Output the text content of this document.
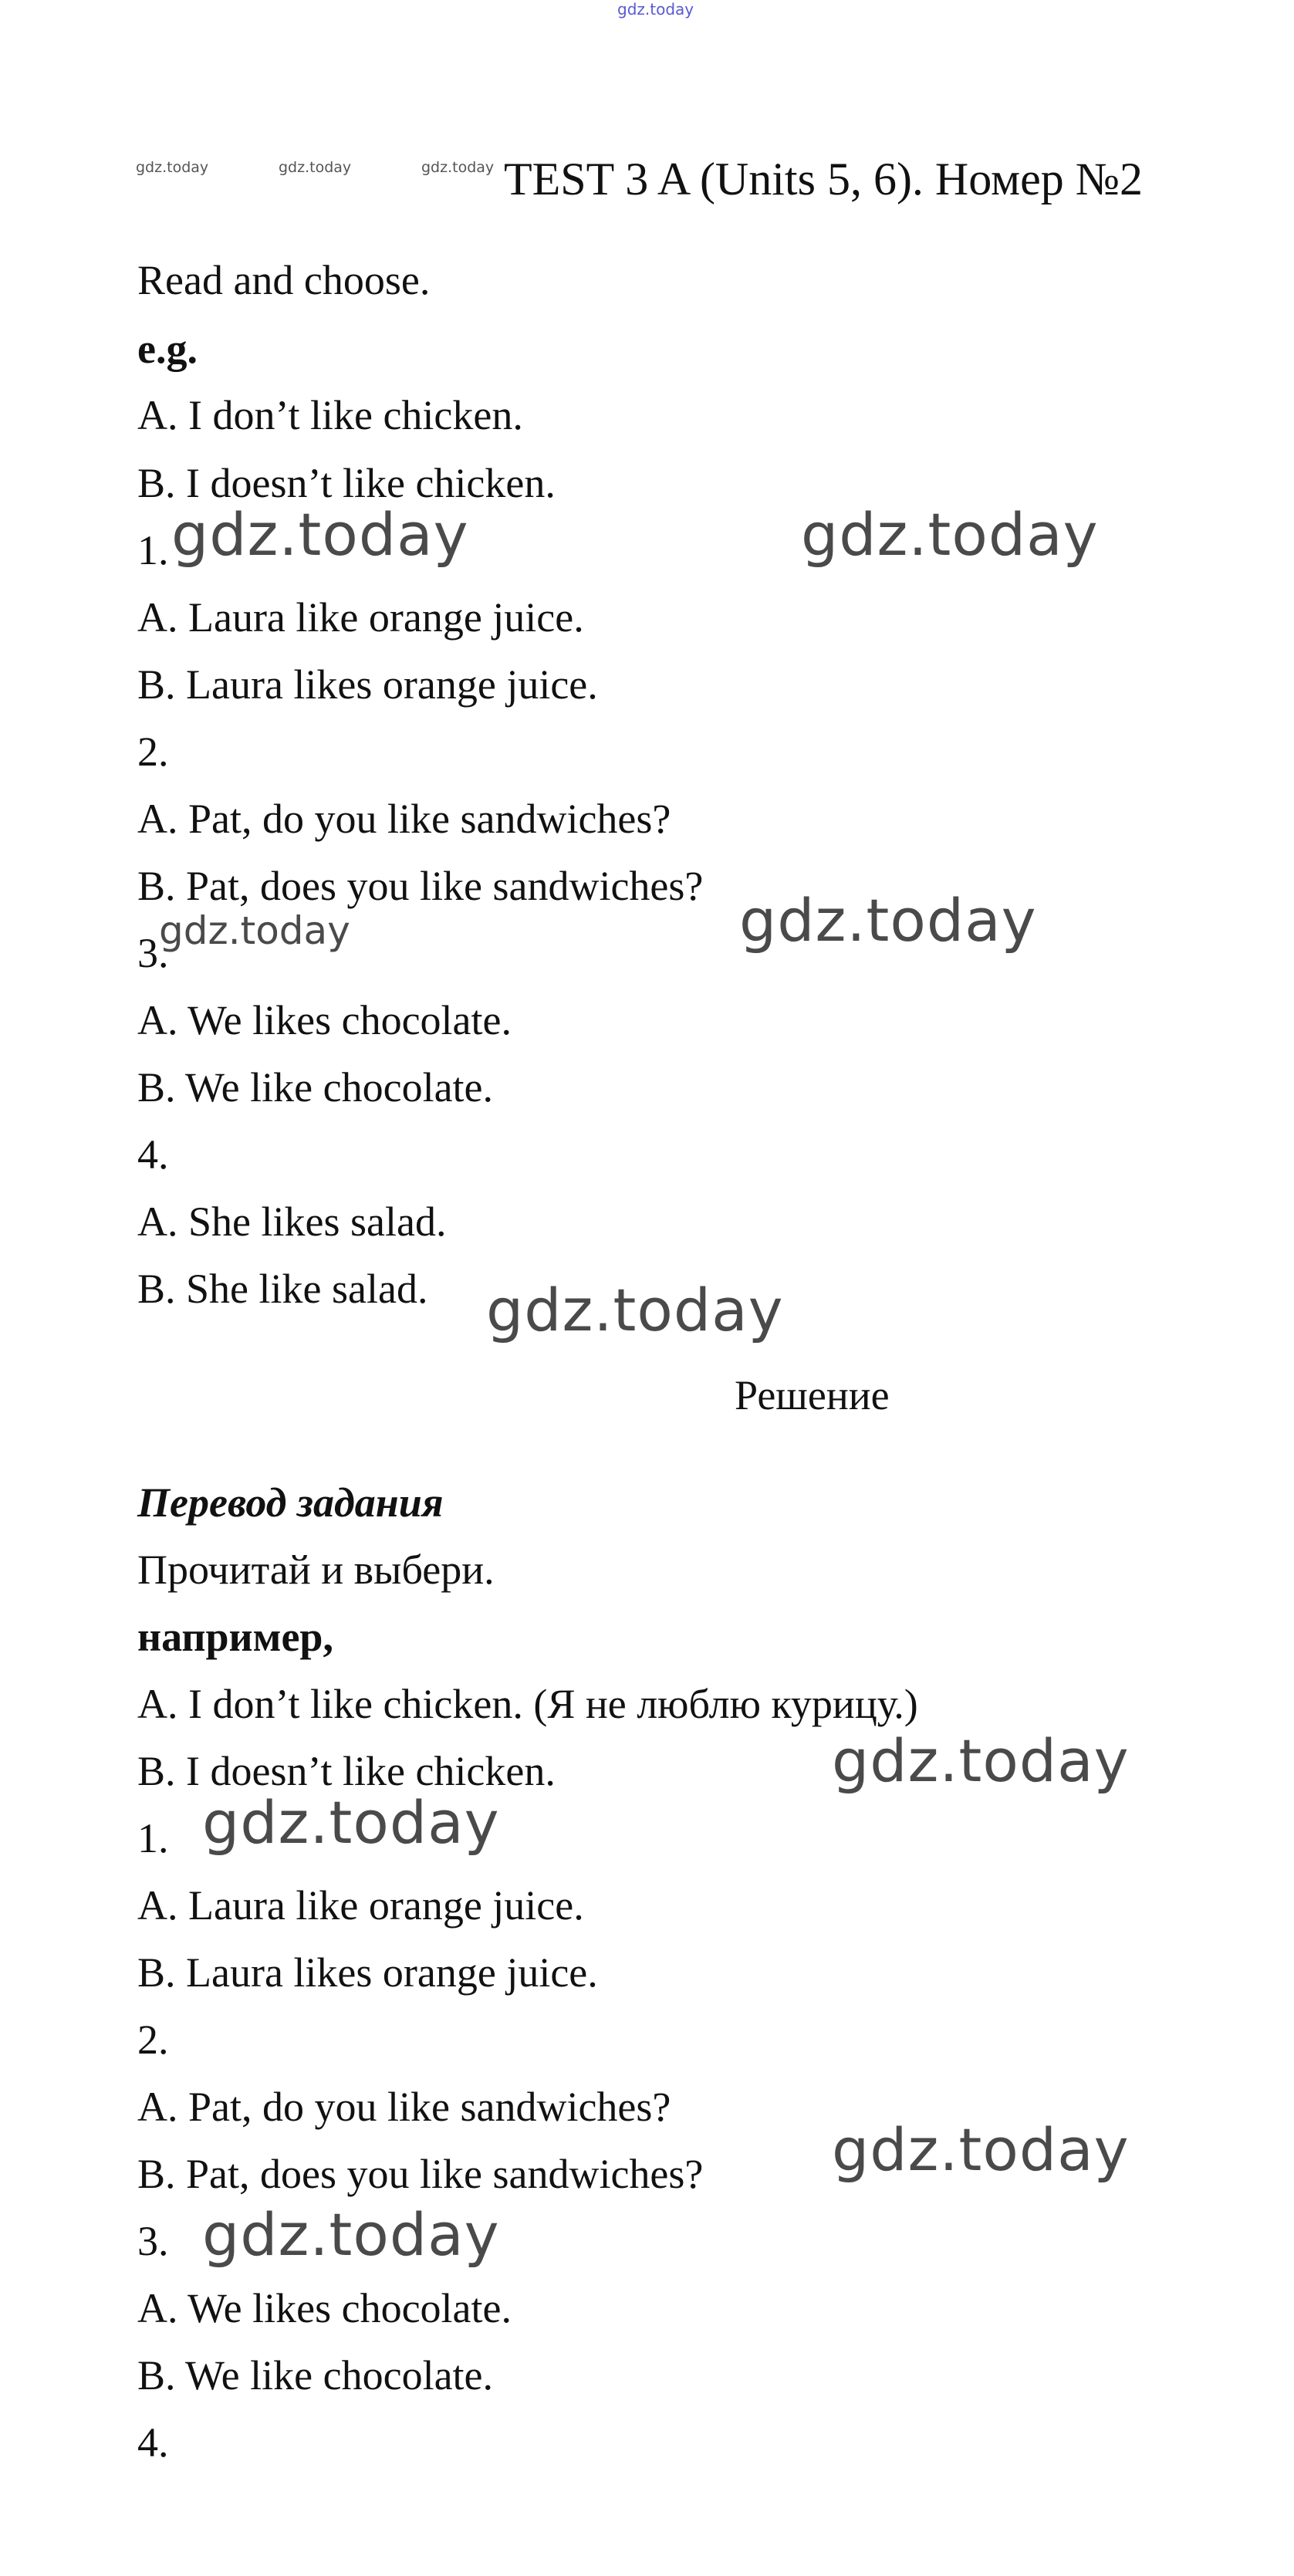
gdz.today
gdz.today	gdz.today	gdz.today TEST 3 A (Units 5, 6). Номер №2
Read and choose.
e.g.
A. I don’t like chicken.
B. I doesn’t like chicken.
1. gdz.today	gdz.today
A. Laura like orange juice.
B. Laura likes orange juice.
2.
A. Pat, do you like sandwiches?
B. Pat, does you like sandwiches?
3.
gdz.today	gdz.today
A. We likes chocolate.
B. We like chocolate.
4.
A. She likes salad.
B. She like salad. gdz.today
Решение
Перевод задания
Прочитай и выбери.
например,
A. I don’t like chicken. (Я не люблю курицу.)
B. I doesn’t like chicken.	gdz.today
1. gdz.today
A. Laura like orange juice.
B. Laura likes orange juice.
2.
A. Pat, do you like sandwiches?
B. Pat, does you like sandwiches? gdz.today
3. gdz.today
A. We likes chocolate.
B. We like chocolate.
4.
